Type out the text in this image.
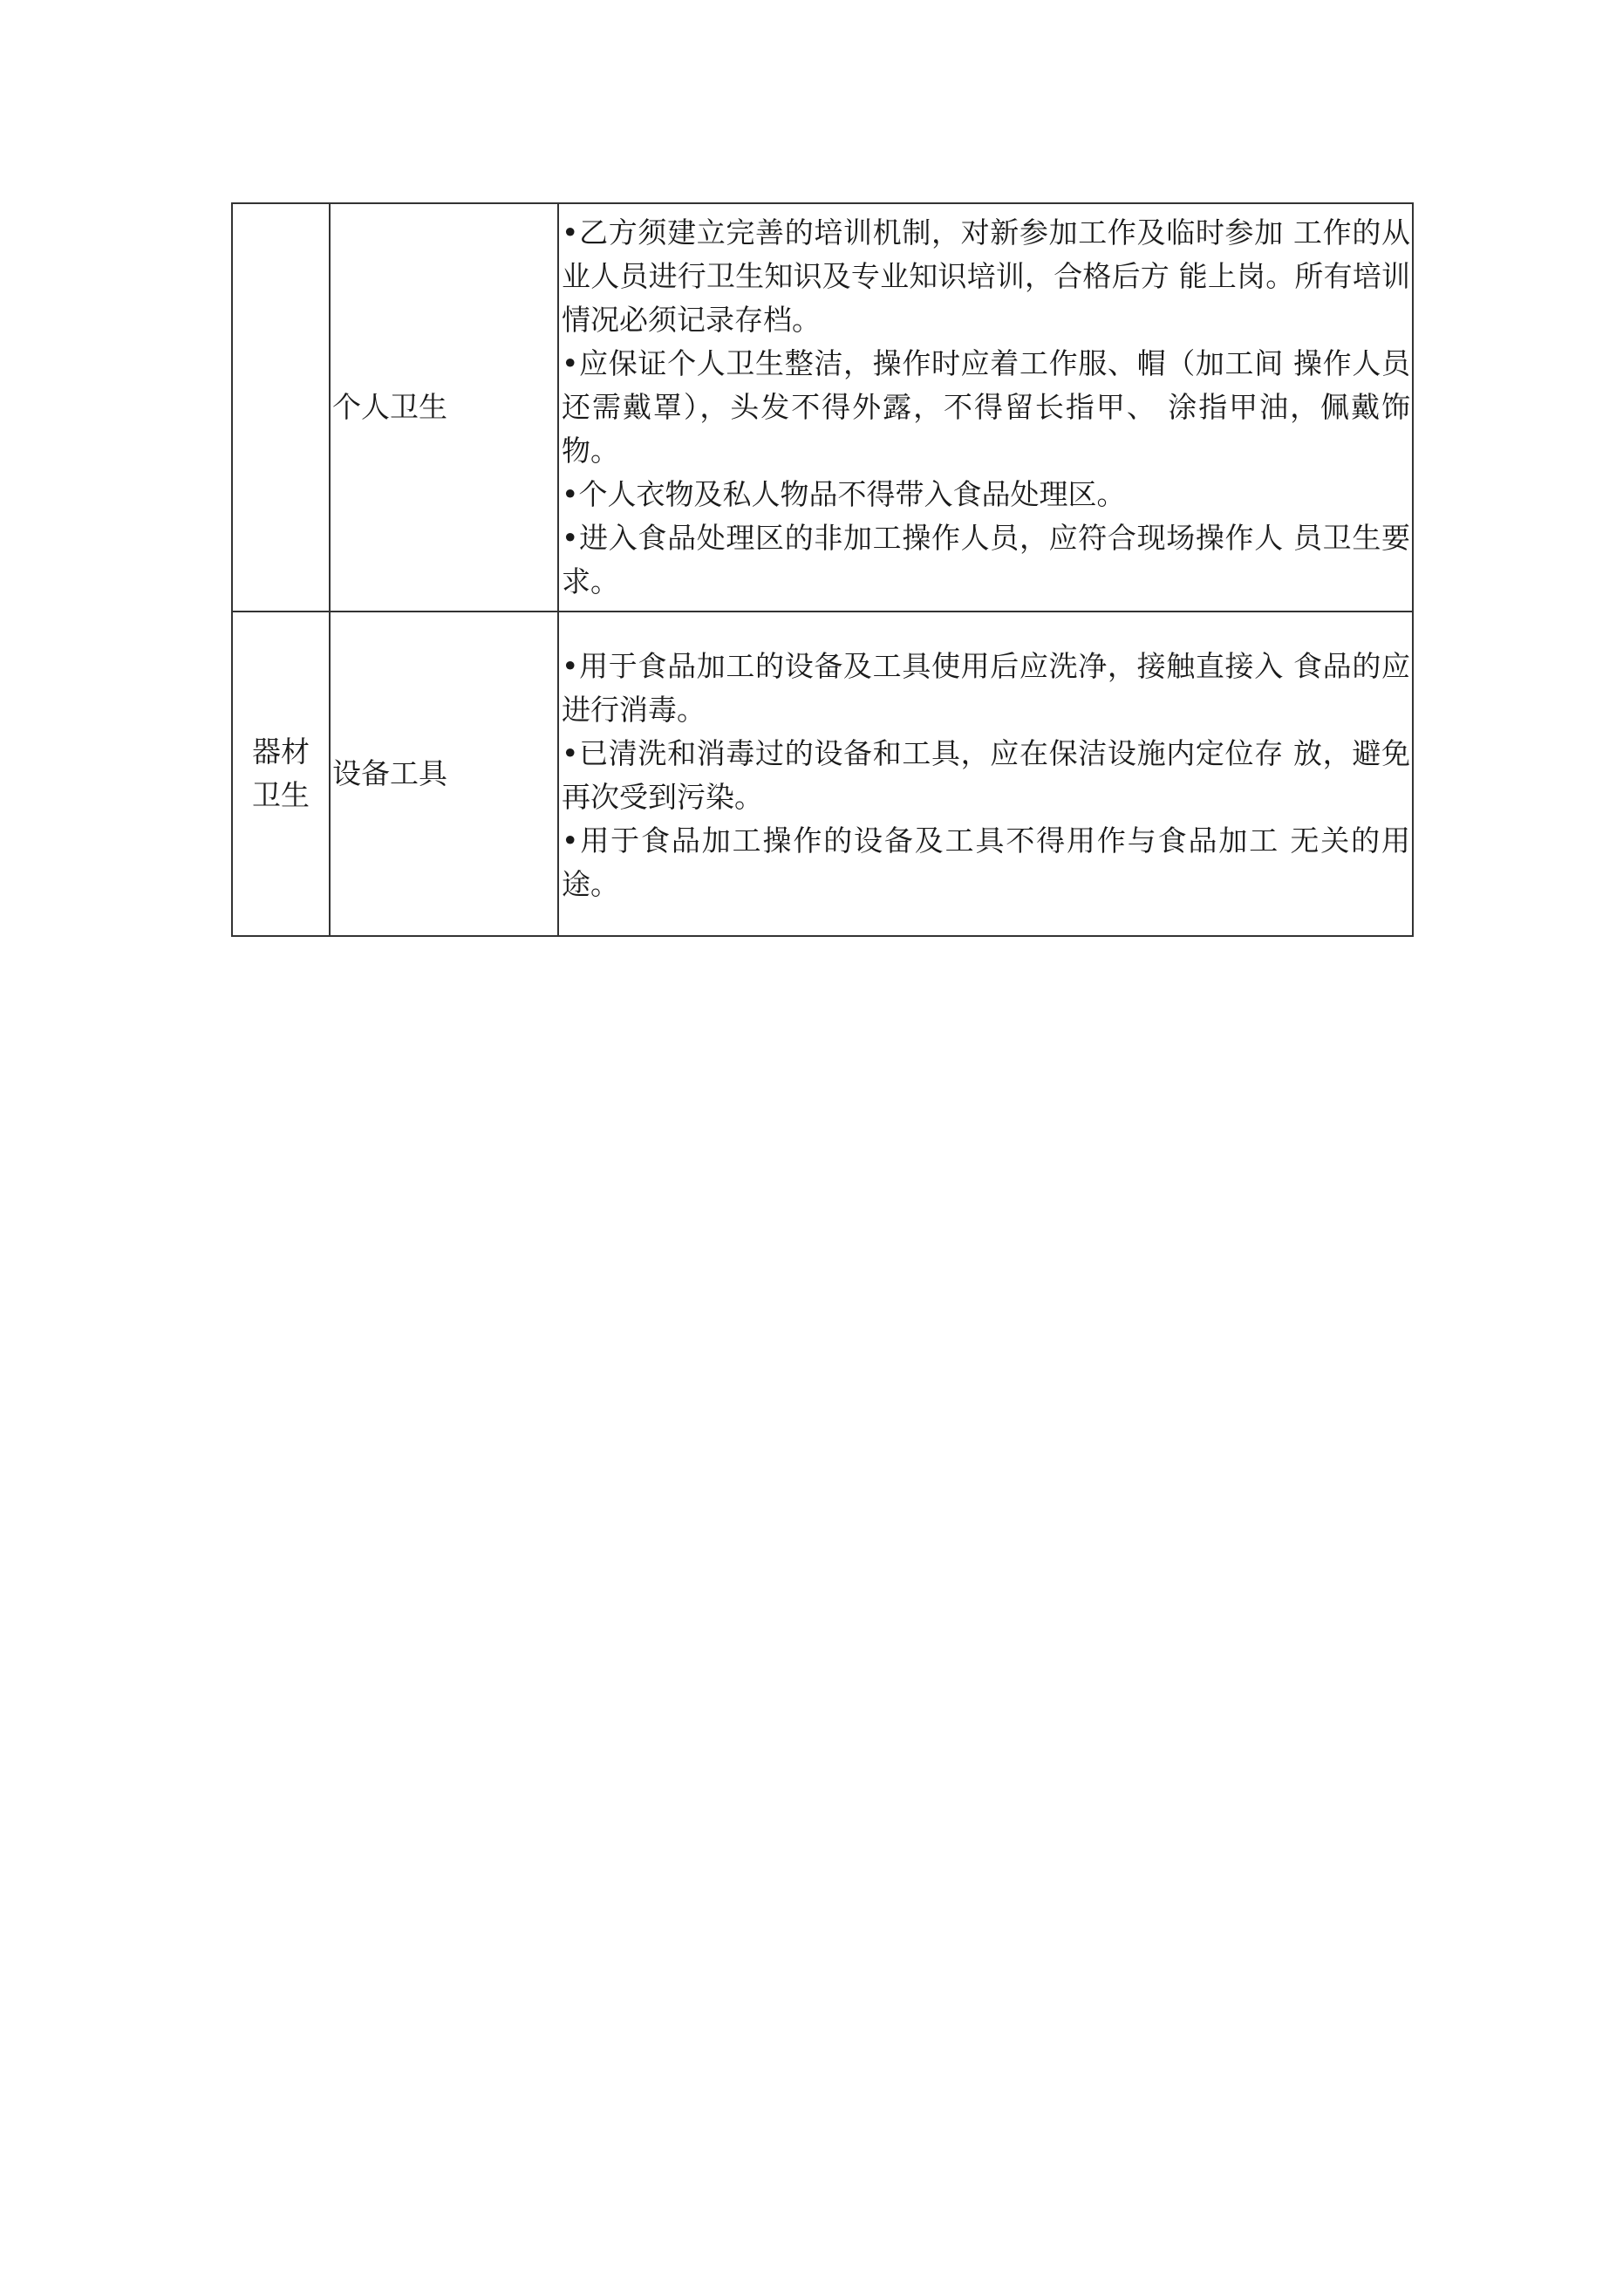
	个人卫生	•乙方须建立完善的培训机制，对新参加工作及临时参加 工作的从业人员进行卫生知识及专业知识培训，合格后方 能上岗。所有培训情况必须记录存档。
•应保证个人卫生整洁，操作时应着工作服、帽（加工间 操作人员还需戴罩），头发不得外露，不得留长指甲、 涂指甲油，佩戴饰物。
•个人衣物及私人物品不得带入食品处理区。
•进入食品处理区的非加工操作人员，应符合现场操作人 员卫生要求。

器材
卫生	设备工具	•用于食品加工的设备及工具使用后应洗净，接触直接入 食品的应进行消毒。
•已清洗和消毒过的设备和工具，应在保洁设施内定位存 放，避免再次受到污染。
•用于食品加工操作的设备及工具不得用作与食品加工 无关的用途。
